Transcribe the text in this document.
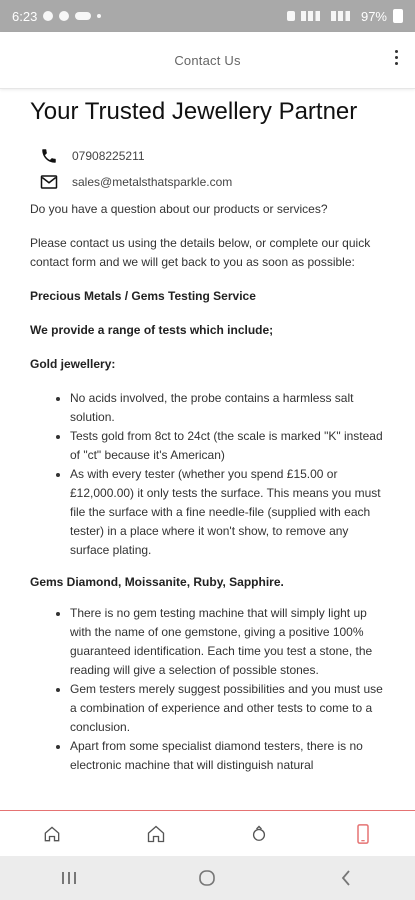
6:23	97%
Contact Us
Your Trusted Jewellery Partner
07908225211
sales@metalsthatsparkle.com

Do you have a question about our products or services?

Please contact us using the details below, or complete our quick contact form and we will get back to you as soon as possible:

Precious Metals / Gems Testing Service

We provide a range of tests which include;

Gold jewellery:

• No acids involved, the probe contains a harmless salt solution.
• Tests gold from 8ct to 24ct (the scale is marked "K" instead of "ct" because it's American)
• As with every tester (whether you spend £15.00 or £12,000.00) it only tests the surface. This means you must file the surface with a fine needle-file (supplied with each tester) in a place where it won't show, to remove any surface plating.
Gems Diamond, Moissanite, Ruby, Sapphire.
• There is no gem testing machine that will simply light up with the name of one gemstone, giving a positive 100% guaranteed identification. Each time you test a stone, the reading will give a selection of possible stones.
• Gem testers merely suggest possibilities and you must use a combination of experience and other tests to come to a conclusion.
• Apart from some specialist diamond testers, there is no electronic machine that will distinguish natural
